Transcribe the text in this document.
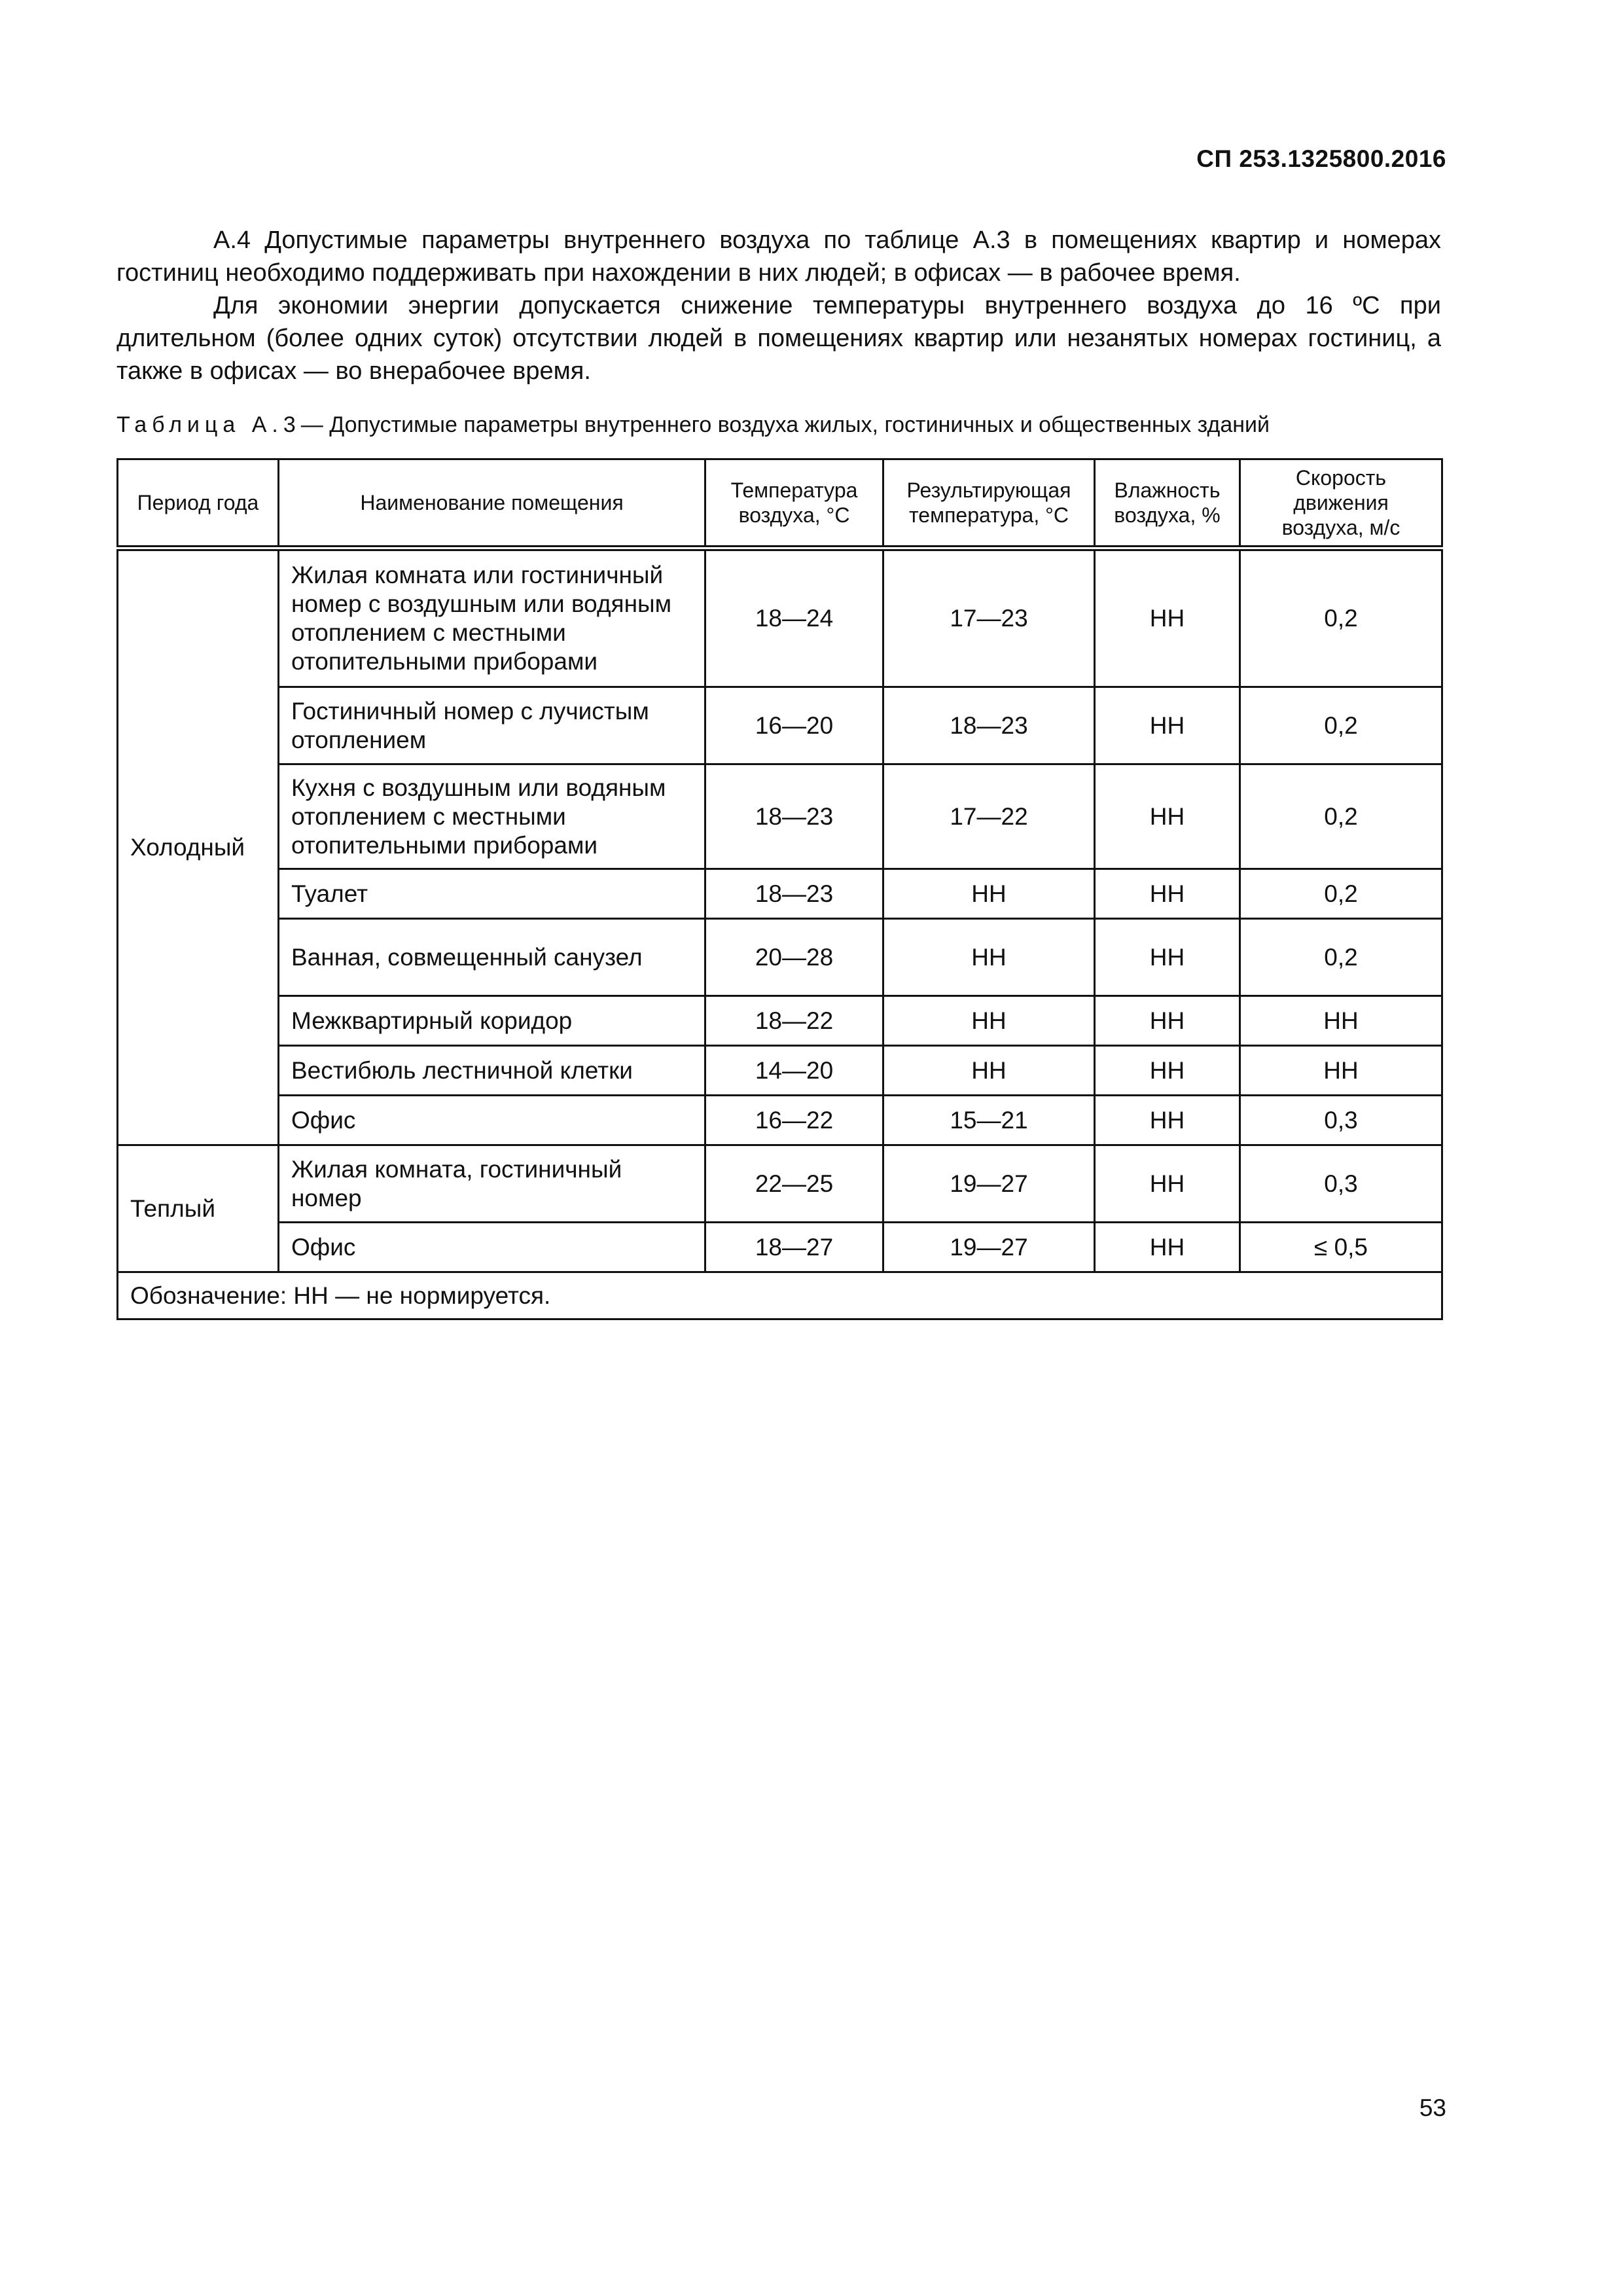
СП 253.1325800.2016

А.4 Допустимые параметры внутреннего воздуха по таблице А.3 в помещениях квартир и номерах гостиниц необходимо поддерживать при нахождении в них людей; в офисах — в рабочее время.

Для экономии энергии допускается снижение температуры внутреннего воздуха до 16 ºС при длительном (более одних суток) отсутствии людей в помещениях квартир или незанятых номерах гостиниц, а также в офисах — во внерабочее время.

Таблица А.3— Допустимые параметры внутреннего воздуха жилых, гостиничных и общественных зданий
Период года	Наименование помещения	Температура воздуха, °С	Результирующая температура, °С	Влажность воздуха, %	Скорость движения воздуха, м/с
Холодный	Жилая комната или гостиничный номер с воздушным или водяным отоплением с местными отопительными приборами	18—24	17—23	НН	0,2
	Гостиничный номер с лучистым отоплением	16—20	18—23	НН	0,2
	Кухня с воздушным или водяным отоплением с местными отопительными приборами	18—23	17—22	НН	0,2
	Туалет	18—23	НН	НН	0,2
	Ванная, совмещенный санузел	20—28	НН	НН	0,2
	Межквартирный коридор	18—22	НН	НН	НН
	Вестибюль лестничной клетки	14—20	НН	НН	НН
	Офис	16—22	15—21	НН	0,3
Теплый	Жилая комната, гостиничный номер	22—25	19—27	НН	0,3
	Офис	18—27	19—27	НН	≤ 0,5
Обозначение: НН — не нормируется.					
53
